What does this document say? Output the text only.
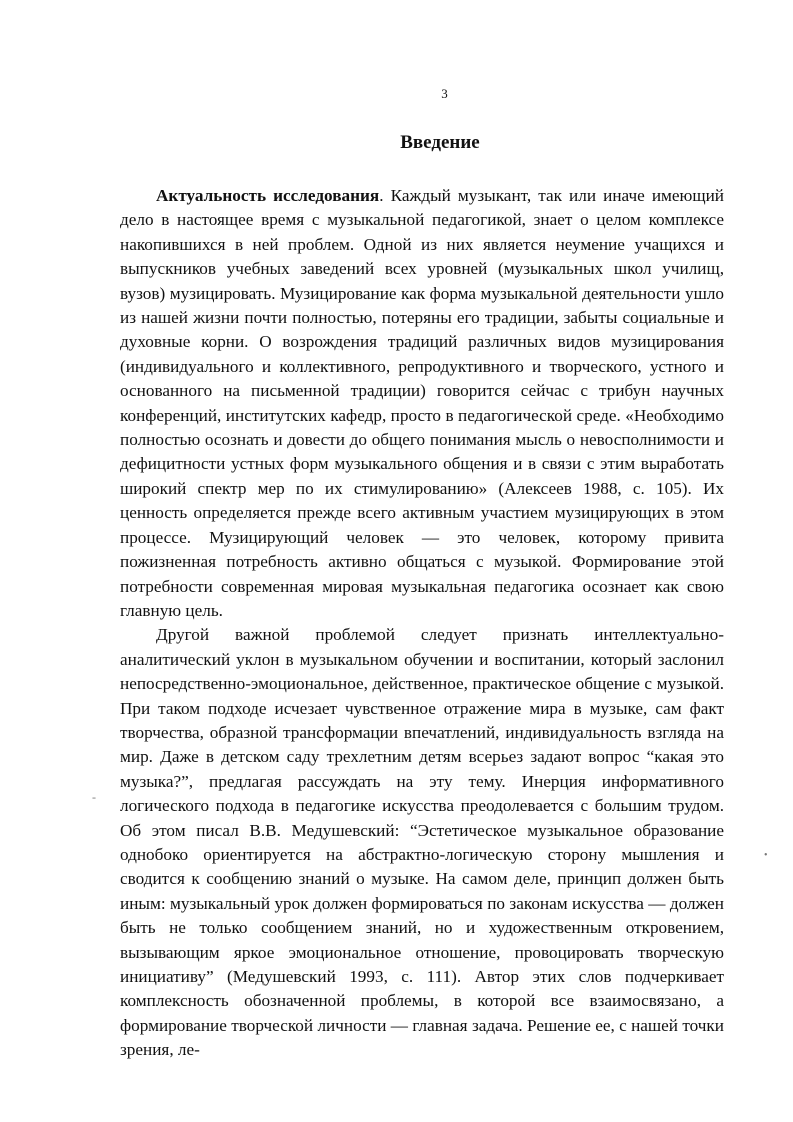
3
Введение

Актуальность исследования. Каждый музыкант, так или иначе имеющий дело в настоящее время с музыкальной педагогикой, знает о целом комплексе накопившихся в ней проблем. Одной из них является неумение учащихся и выпускников учебных заведений всех уровней (музыкальных школ училищ, вузов) музицировать. Музицирование как форма музыкальной деятельности ушло из нашей жизни почти полностью, потеряны его традиции, забыты социальные и духовные корни. О возрождения традиций различных видов музицирования (индивидуального и коллективного, репродуктивного и творческого, устного и основанного на письменной традиции) говорится сейчас с трибун научных конференций, институтских кафедр, просто в педагогической среде. «Необходимо полностью осознать и довести до общего понимания мысль о невосполнимости и дефицитности устных форм музыкального общения и в связи с этим выработать широкий спектр мер по их стимулированию» (Алексеев 1988, с. 105). Их ценность определяется прежде всего активным участием музицирующих в этом процессе. Музицирующий человек — это человек, которому привита пожизненная потребность активно общаться с музыкой. Формирование этой потребности современная мировая музыкальная педагогика осознает как свою главную цель.

Другой важной проблемой следует признать интеллектуально-аналитический уклон в музыкальном обучении и воспитании, который заслонил непосредственно-эмоциональное, действенное, практическое общение с музыкой. При таком подходе исчезает чувственное отражение мира в музыке, сам факт творчества, образной трансформации впечатлений, индивидуальность взгляда на мир. Даже в детском саду трехлетним детям всерьез задают вопрос “какая это музыка?”, предлагая рассуждать на эту тему. Инерция информативного логического подхода в педагогике искусства преодолевается с большим трудом. Об этом писал В.В. Медушевский: “Эстетическое музыкальное образование однобоко ориентируется на абстрактно-логическую сторону мышления и сводится к сообщению знаний о музыке. На самом деле, принцип должен быть иным: музыкальный урок должен формироваться по законам искусства — должен быть не только сообщением знаний, но и художественным откровением, вызывающим яркое эмоциональное отношение, провоцировать творческую инициативу” (Медушевский 1993, с. 111). Автор этих слов подчеркивает комплексность обозначенной проблемы, в которой все взаимосвязано, а формирование творческой личности — главная задача. Решение ее, с нашей точки зрения, ле-

-
•
